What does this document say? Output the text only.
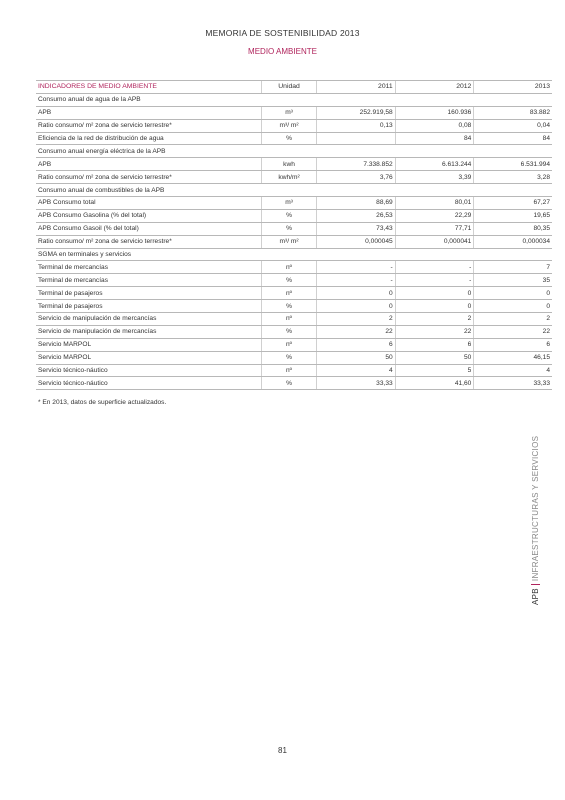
MEMORIA DE SOSTENIBILIDAD 2013
MEDIO AMBIENTE
INDICADORES DE MEDIO AMBIENTE	Unidad	2011	2012	2013
Consumo anual de agua de la APB				
APB	m³	252.919,58	160.936	83.882
Ratio consumo/ m² zona de servicio terrestre*	m³/ m²	0,13	0,08	0,04
Eficiencia de la red de distribución de agua	%		84	84
Consumo anual energía eléctrica de la APB				
APB	kwh	7.338.852	6.613.244	6.531.994
Ratio consumo/ m² zona de servicio terrestre*	kwh/m²	3,76	3,39	3,28
Consumo anual de combustibles de la APB				
APB Consumo total	m³	88,69	80,01	67,27
APB Consumo Gasolina (% del total)	%	26,53	22,29	19,65
APB Consumo Gasoil (% del total)	%	73,43	77,71	80,35
Ratio consumo/ m² zona de servicio terrestre*	m³/ m²	0,000045	0,000041	0,000034
SGMA en terminales y servicios				
Terminal de mercancías	nº	-	-	7
Terminal de mercancías	%	-	-	35
Terminal de pasajeros	nº	0	0	0
Terminal de pasajeros	%	0	0	0
Servicio de manipulación de mercancías	nº	2	2	2
Servicio de manipulación de mercancías	%	22	22	22
Servicio MARPOL	nº	6	6	6
Servicio MARPOL	%	50	50	46,15
Servicio técnico-náutico	nº	4	5	4
Servicio técnico-náutico	%	33,33	41,60	33,33
* En 2013, datos de superficie actualizados.
APBINFRAESTRUCTURAS Y SERVICIOS
81
